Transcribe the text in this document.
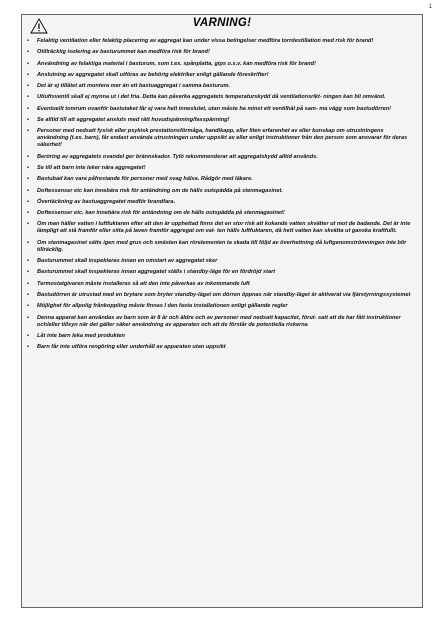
1
VARNING!
• Felaktig ventilation eller felaktig placering av aggregat kan under vissa betingelser medföra torrdestillation med risk för brand!
• Otillräcklig isolering av basturummet kan medföra risk för brand!
• Användning av felaktiga material i basturum, som t.ex. spånplatta, gips o.s.v. kan medföra risk för brand!
• Anslutning av aggregatet skall utföras av behörig elektriker enligt gällande föreskrifter!
• Det är ej tillåtet att montera mer än ett bastuaggregat i samma basturum.
• Utluftsventil skall ej mynna ut i det fria. Detta kan påverka aggregatets temperaturskydd då ventilationsrikt- ningen kan bli omvänd.
• Eventuellt tomrum ovanför bastutaket får ej vara helt inneslutet, utan måste ha minst ett ventilhål på sam- ma vägg som bastudörren!
• Se alltid till att aggregatet ansluts med rätt huvudspänning/fasspänning!
• Personer med nedsatt fysisk eller psykisk prestationsförmåga, handikapp, eller liten erfarenhet av eller kunskap om utrustningens användning (t.ex. barn), får endast använda utrustningen under uppsikt av eller enligt instruktioner från den person som ansvarar för deras säkerhet!
• Beröring av aggregatets ovandel ger brännskador. Tylö rekommenderar att aggregatskydd alltid används.
• Se till att barn inte leker nära aggregatet!
• Bastubad kan vara påfrestande för personer med svag hälsa. Rådgör med läkare.
• Doftessenser etc kan innebära risk för antändning om de hälls outspädda på stenmagasinet.
• Övertäckning av bastuaggregatet medför brandfara.
• Doftessenser etc. kan innebära risk för antändning om de hälls outspädda på stenmagasinet!
• Om man häller vatten i luftfuktaren efter att den är upphettad finns det en stor risk att kokande vatten skvätter ut mot de badande. Det är inte lämpligt att stå framför eller sitta på laven framför aggregat om vat- ten hälls luftfuktaren, då hett vatten kan skvätta ut ganska kraftfullt.
• Om stenmagasinet sätts igen med grus och smästen kan rörelementen ta skada till följd av överhettning då luftgenomströmningen inte blir tillräcklig.
• Basturummet skall inspekteras innan en omstart av aggregatet sker
• Basturummet skall inspekteras innan aggregatet ställs i standby-läge för en fördröjd start
• Termostatgivaren måste installeras så att den inte påverkas av inkommande luft
• Bastudörren är utrustad med en brytare som bryter standby-läget om dörren öppnas när standby-läget är aktiverat via fjärstyrningssystemet
• Möjlighet för allpolig frånkoppling måste finnas I den fasta installationen enligt gällande regler
• Denna apparat kan användas av barn som är 8 år och äldre och av personer med nedsatt kapacitet, förut- satt att de har fått instruktioner och/eller tillsyn när det gäller säker användning av apparaten och att de förstår de potentiella riskerna
• Låt inte barn leka med produkten
• Barn får inte utföra rengöring eller underhåll av apparaten utan uppsikt
